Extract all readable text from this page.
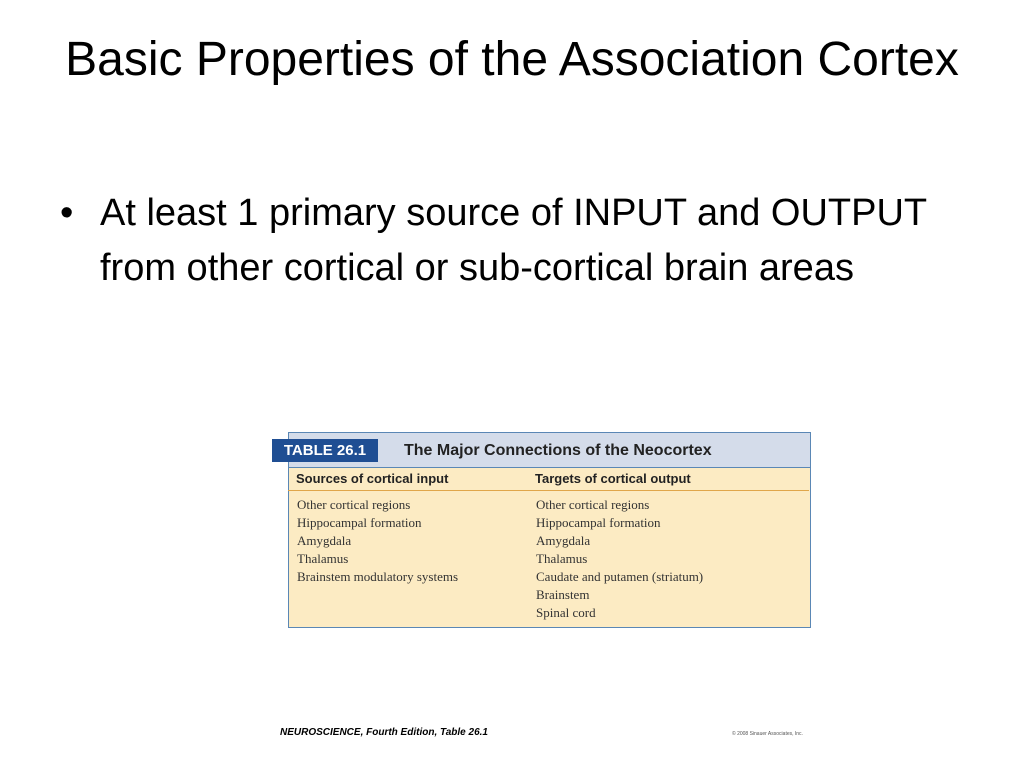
Basic Properties of the Association Cortex
• At least 1 primary source of INPUT and OUTPUT from other cortical or sub-cortical brain areas
The Major Connections of the Neocortex
TABLE 26.1
Sources of cortical input	Targets of cortical output
Other cortical regions
Hippocampal formation
Amygdala
Thalamus
Brainstem modulatory systems
Other cortical regions
Hippocampal formation
Amygdala
Thalamus
Caudate and putamen (striatum)
Brainstem
Spinal cord
NEUROSCIENCE, Fourth Edition, Table 26.1	© 2008 Sinauer Associates, Inc.
